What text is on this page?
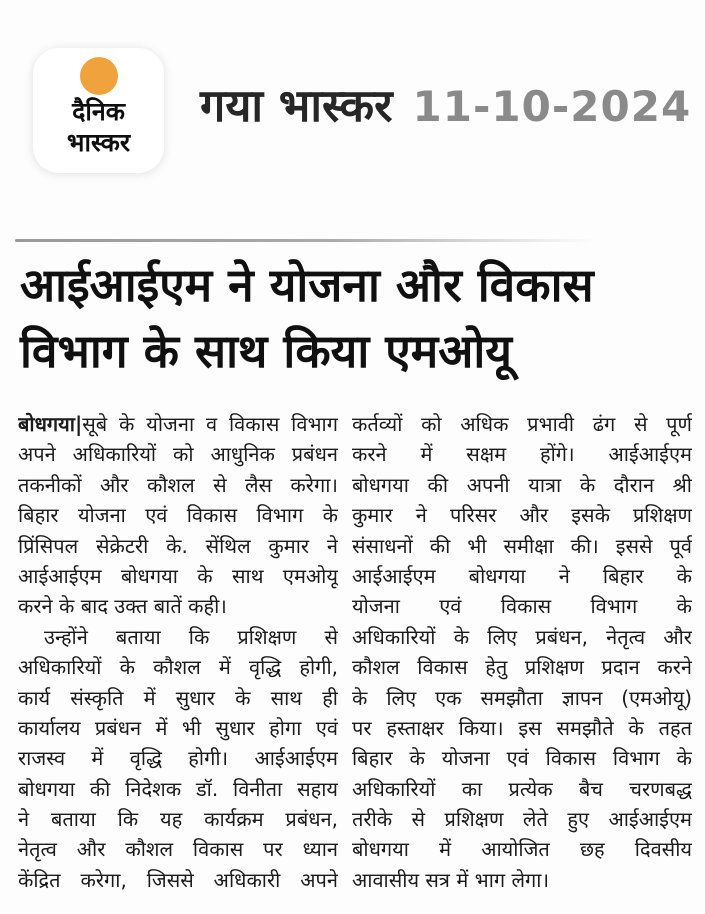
दैनिक
भास्कर
गया भास्कर 11-10-2024
आईआईएम ने योजना और विकास
विभाग के साथ किया एमओयू
बोधगया|सूबे के योजना व विकास विभाग
अपने अधिकारियों को आधुनिक प्रबंधन
तकनीकों और कौशल से लैस करेगा।
बिहार योजना एवं विकास विभाग के
प्रिंसिपल सेक्रेटरी के. सेंथिल कुमार ने
आईआईएम बोधगया के साथ एमओयू
करने के बाद उक्त बातें कही।
उन्होंने बताया कि प्रशिक्षण से
अधिकारियों के कौशल में वृद्धि होगी,
कार्य संस्कृति में सुधार के साथ ही
कार्यालय प्रबंधन में भी सुधार होगा एवं
राजस्व में वृद्धि होगी। आईआईएम
बोधगया की निदेशक डॉ. विनीता सहाय
ने बताया कि यह कार्यक्रम प्रबंधन,
नेतृत्व और कौशल विकास पर ध्यान
केंद्रित करेगा, जिससे अधिकारी अपने
कर्तव्यों को अधिक प्रभावी ढंग से पूर्ण
करने में सक्षम होंगे। आईआईएम
बोधगया की अपनी यात्रा के दौरान श्री
कुमार ने परिसर और इसके प्रशिक्षण
संसाधनों की भी समीक्षा की। इससे पूर्व
आईआईएम बोधगया ने बिहार के
योजना एवं विकास विभाग के
अधिकारियों के लिए प्रबंधन, नेतृत्व और
कौशल विकास हेतु प्रशिक्षण प्रदान करने
के लिए एक समझौता ज्ञापन (एमओयू)
पर हस्ताक्षर किया। इस समझौते के तहत
बिहार के योजना एवं विकास विभाग के
अधिकारियों का प्रत्येक बैच चरणबद्ध
तरीके से प्रशिक्षण लेते हुए आईआईएम
बोधगया में आयोजित छह दिवसीय
आवासीय सत्र में भाग लेगा।
